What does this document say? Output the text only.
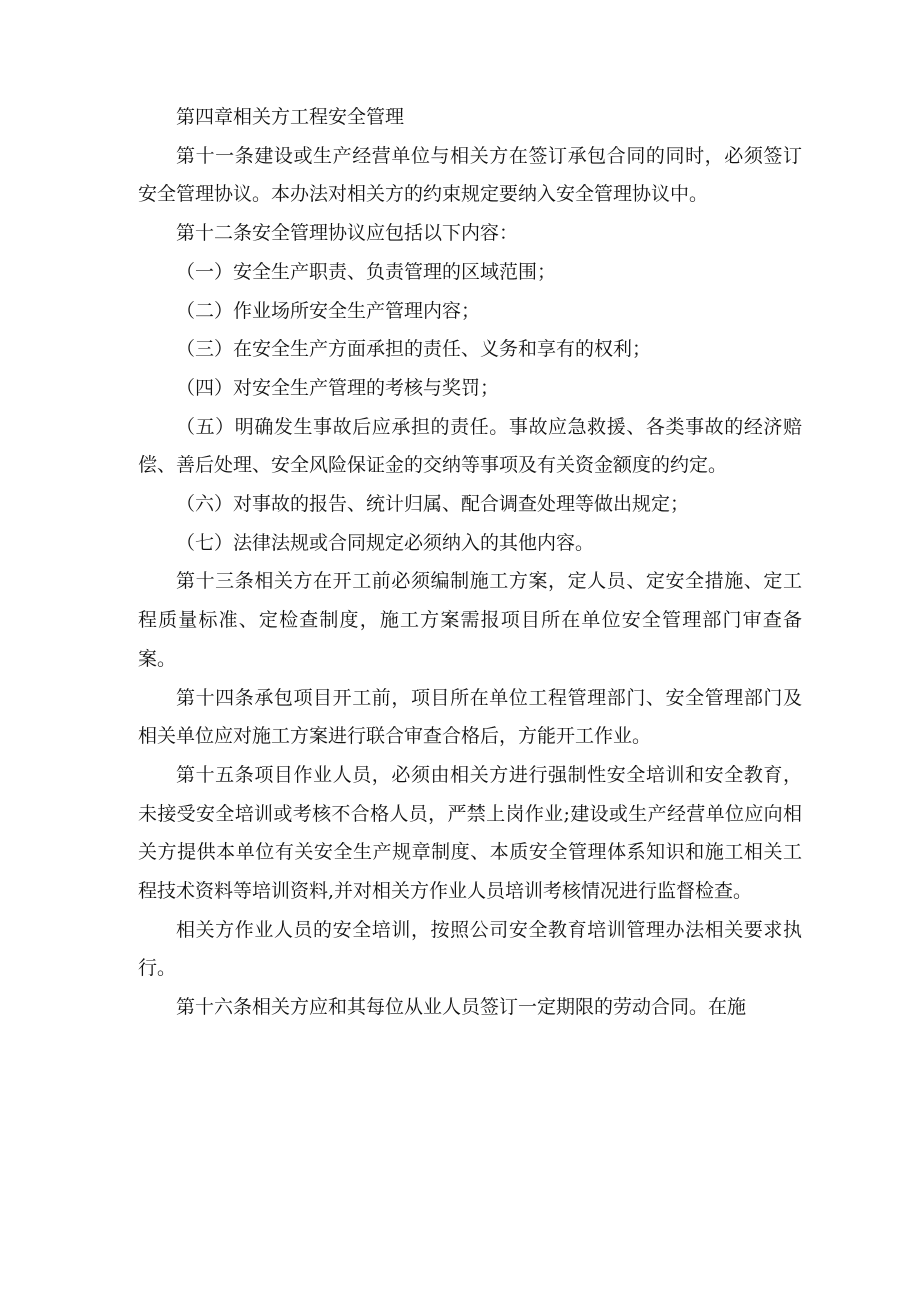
第四章相关方工程安全管理

第十一条建设或生产经营单位与相关方在签订承包合同的同时，必须签订安全管理协议。本办法对相关方的约束规定要纳入安全管理协议中。

第十二条安全管理协议应包括以下内容：

（一）安全生产职责、负责管理的区域范围；

（二）作业场所安全生产管理内容；

（三）在安全生产方面承担的责任、义务和享有的权利；

（四）对安全生产管理的考核与奖罚；

（五）明确发生事故后应承担的责任。事故应急救援、各类事故的经济赔偿、善后处理、安全风险保证金的交纳等事项及有关资金额度的约定。

（六）对事故的报告、统计归属、配合调查处理等做出规定；

（七）法律法规或合同规定必须纳入的其他内容。

第十三条相关方在开工前必须编制施工方案，定人员、定安全措施、定工程质量标准、定检查制度，施工方案需报项目所在单位安全管理部门审查备案。

第十四条承包项目开工前，项目所在单位工程管理部门、安全管理部门及相关单位应对施工方案进行联合审查合格后，方能开工作业。

第十五条项目作业人员，必须由相关方进行强制性安全培训和安全教育，未接受安全培训或考核不合格人员，严禁上岗作业;建设或生产经营单位应向相关方提供本单位有关安全生产规章制度、本质安全管理体系知识和施工相关工程技术资料等培训资料,并对相关方作业人员培训考核情况进行监督检查。

相关方作业人员的安全培训，按照公司安全教育培训管理办法相关要求执行。

第十六条相关方应和其每位从业人员签订一定期限的劳动合同。在施
